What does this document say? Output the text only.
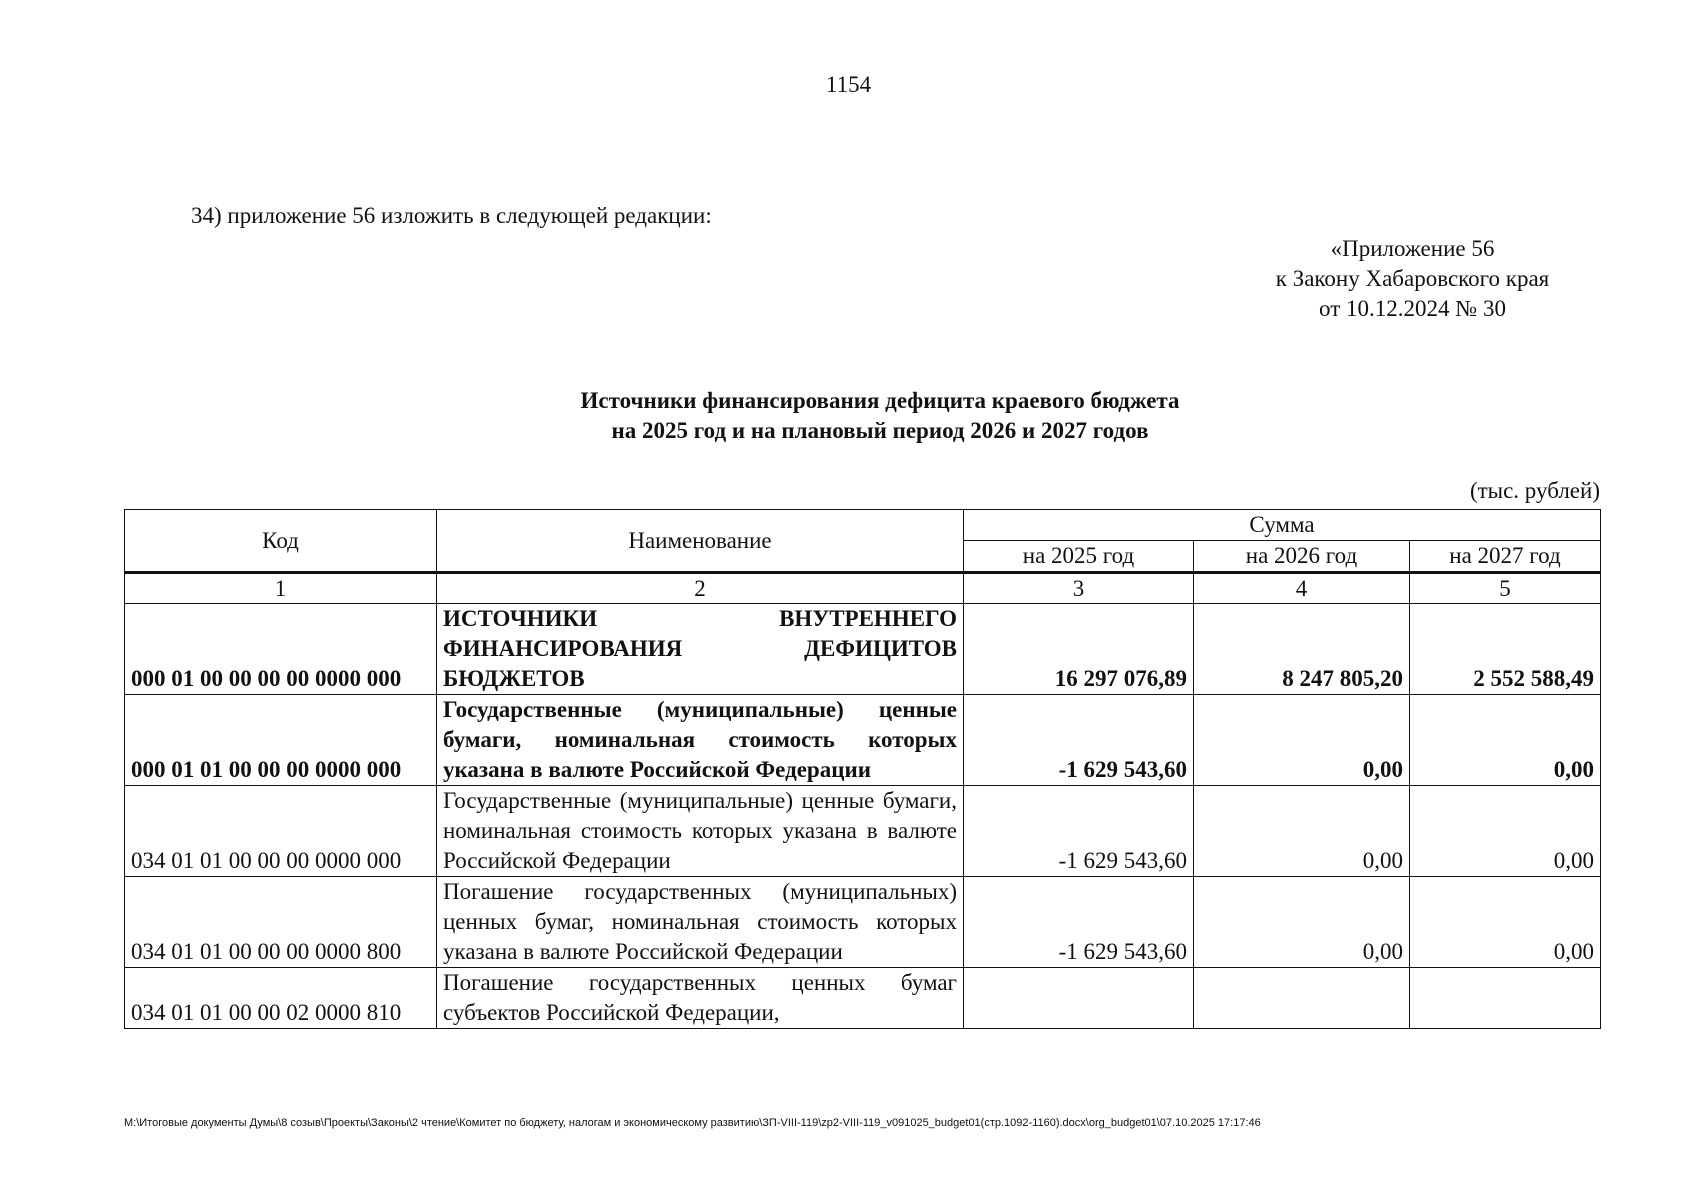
1154
34) приложение 56 изложить в следующей редакции:
«Приложение 56
к Закону Хабаровского края
от 10.12.2024 № 30
Источники финансирования дефицита краевого бюджета
на 2025 год и на плановый период 2026 и 2027 годов
(тыс. рублей)
Код	Наименование	Сумма		
		на 2025 год	на 2026 год	на 2027 год
1	2	3	4	5
000 01 00 00 00 00 0000 000	ИСТОЧНИКИ ВНУТРЕННЕГО ФИНАНСИРОВАНИЯ ДЕФИЦИТОВ БЮДЖЕТОВ	16 297 076,89	8 247 805,20	2 552 588,49
000 01 01 00 00 00 0000 000	Государственные (муниципальные) ценные бумаги, номинальная стоимость которых указана в валюте Российской Федерации	-1 629 543,60	0,00	0,00
034 01 01 00 00 00 0000 000	Государственные (муниципальные) ценные бумаги, номинальная стоимость которых указана в валюте Российской Федерации	-1 629 543,60	0,00	0,00
034 01 01 00 00 00 0000 800	Погашение государственных (муниципальных) ценных бумаг, номинальная стоимость которых указана в валюте Российской Федерации	-1 629 543,60	0,00	0,00
034 01 01 00 00 02 0000 810	Погашение государственных ценных бумаг субъектов Российской Федерации,			
M:\Итоговые документы Думы\8 созыв\Проекты\Законы\2 чтение\Комитет по бюджету, налогам и экономическому развитию\ЗП-VIII-119\zp2-VIII-119_v091025_budget01(стр.1092-1160).docx\org_budget01\07.10.2025 17:17:46
